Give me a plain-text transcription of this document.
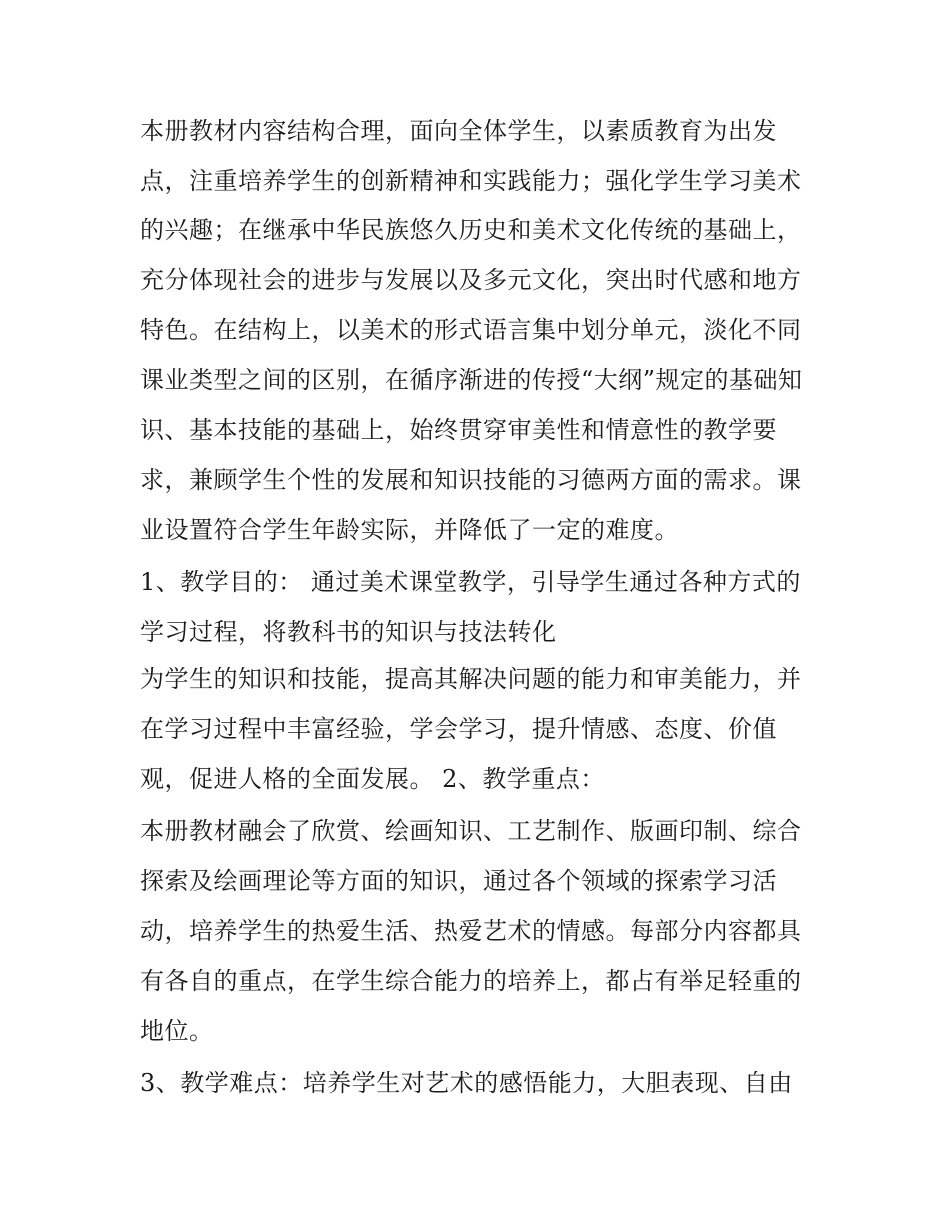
本册教材内容结构合理，面向全体学生，以素质教育为出发
点，注重培养学生的创新精神和实践能力；强化学生学习美术
的兴趣；在继承中华民族悠久历史和美术文化传统的基础上，
充分体现社会的进步与发展以及多元文化，突出时代感和地方
特色。在结构上，以美术的形式语言集中划分单元，淡化不同
课业类型之间的区别，在循序渐进的传授“大纲”规定的基础知
识、基本技能的基础上，始终贯穿审美性和情意性的教学要
求，兼顾学生个性的发展和知识技能的习德两方面的需求。课
业设置符合学生年龄实际，并降低了一定的难度。
1、教学目的： 通过美术课堂教学，引导学生通过各种方式的
学习过程，将教科书的知识与技法转化
为学生的知识和技能，提高其解决问题的能力和审美能力，并
在学习过程中丰富经验，学会学习，提升情感、态度、价值
观，促进人格的全面发展。 2、教学重点：
本册教材融会了欣赏、绘画知识、工艺制作、版画印制、综合
探索及绘画理论等方面的知识，通过各个领域的探索学习活
动，培养学生的热爱生活、热爱艺术的情感。每部分内容都具
有各自的重点，在学生综合能力的培养上，都占有举足轻重的
地位。
3、教学难点：培养学生对艺术的感悟能力，大胆表现、自由
